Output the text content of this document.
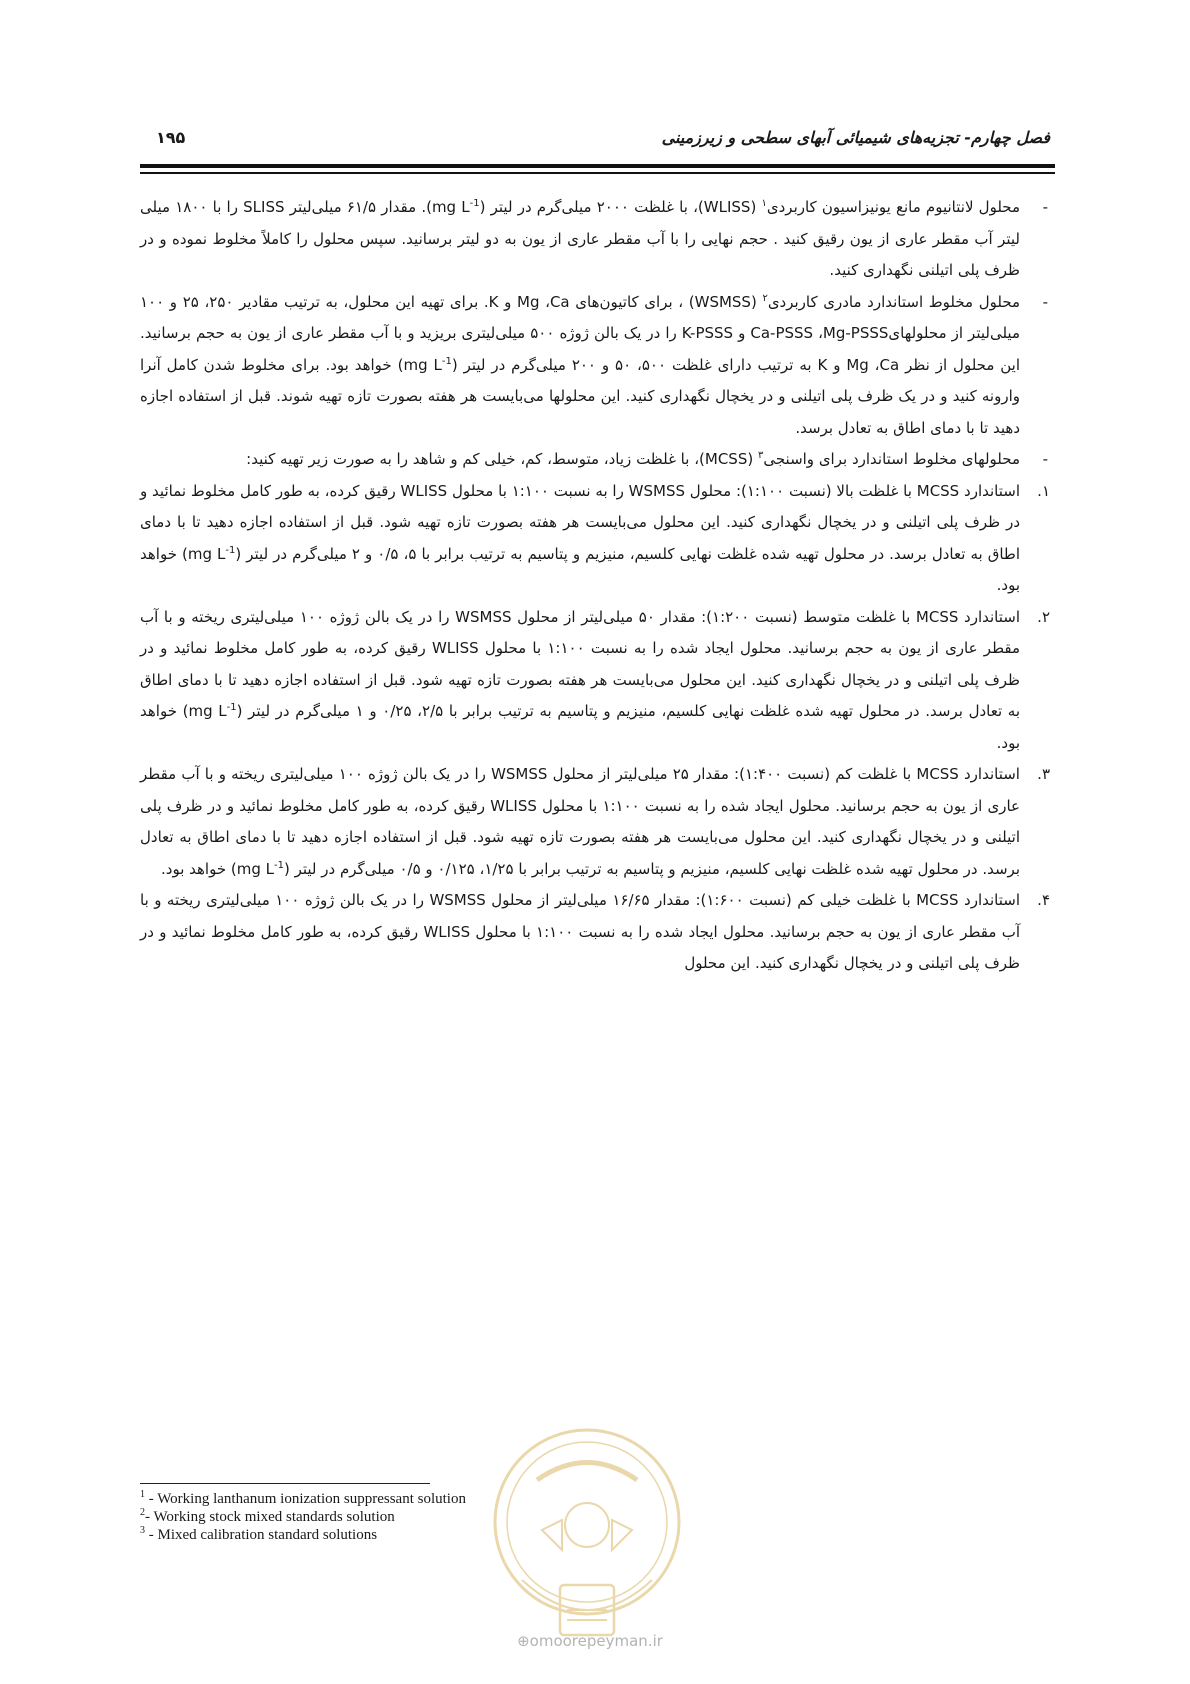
فصل چهارم- تجزیه‌های شیمیائی آبهای سطحی و زیرزمینی
۱۹۵

-
محلول لانتانیوم مانع یونیزاسیون کاربردی$^۱$ (WLISS)، با غلظت ۲۰۰۰ میلی‌گرم در لیتر (mg $L^{-1}$). مقدار ۶۱/۵ میلی‌لیتر SLISS را با ۱۸۰۰ میلی لیتر آب مقطر عاری از یون رقیق کنید . حجم نهایی را با آب مقطر عاری از یون به دو لیتر برسانید. سپس محلول را کاملاً مخلوط نموده و در ظرف پلی اتیلنی نگهداری کنید.

-
محلول مخلوط استاندارد مادری کاربردی$^۲$ (WSMSS) ، برای کاتیون‌های Mg ،Ca و K. برای تهیه این محلول، به ترتیب مقادیر ۲۵۰، ۲۵ و ۱۰۰ میلی‌لیتر از محلولهایCa-PSSS ،Mg-PSSS و K-PSSS را در یک بالن ژوژه ۵۰۰ میلی‌لیتری بریزید و با آب مقطر عاری از یون به حجم برسانید. این محلول از نظر Mg ،Ca و K به ترتیب دارای غلظت ۵۰۰، ۵۰ و ۲۰۰ میلی‌گرم در لیتر (mg $L^{-1}$) خواهد بود. برای مخلوط شدن کامل آنرا وارونه کنید و در یک ظرف پلی اتیلنی و در یخچال نگهداری کنید. این محلولها می‌بایست هر هفته بصورت تازه تهیه شوند. قبل از استفاده اجازه دهید تا با دمای اطاق به تعادل برسد.

-
محلولهای مخلوط استاندارد برای واسنجی$^۳$ (MCSS)، با غلظت زیاد، متوسط، کم، خیلی کم و شاهد را به صورت زیر تهیه کنید:

۱.
استاندارد MCSS با غلظت بالا (نسبت ۱:۱۰۰): محلول WSMSS را به نسبت ۱:۱۰۰ با محلول WLISS رقیق کرده، به طور کامل مخلوط نمائید و در ظرف پلی اتیلنی و در یخچال نگهداری کنید. این محلول می‌بایست هر هفته بصورت تازه تهیه شود. قبل از استفاده اجازه دهید تا با دمای اطاق به تعادل برسد. در محلول تهیه شده غلظت نهایی کلسیم، منیزیم و پتاسیم به ترتیب برابر با ۵، ۰/۵ و ۲ میلی‌گرم در لیتر (mg $L^{-1}$) خواهد بود.

۲.
استاندارد MCSS با غلظت متوسط (نسبت ۱:۲۰۰): مقدار ۵۰ میلی‌لیتر از محلول WSMSS را در یک بالن ژوژه ۱۰۰ میلی‌لیتری ریخته و با آب مقطر عاری از یون به حجم برسانید. محلول ایجاد شده را به نسبت ۱:۱۰۰ با محلول WLISS رقیق کرده، به طور کامل مخلوط نمائید و در ظرف پلی اتیلنی و در یخچال نگهداری کنید. این محلول می‌بایست هر هفته بصورت تازه تهیه شود. قبل از استفاده اجازه دهید تا با دمای اطاق به تعادل برسد. در محلول تهیه شده غلظت نهایی کلسیم، منیزیم و پتاسیم به ترتیب برابر با ۲/۵، ۰/۲۵ و ۱ میلی‌گرم در لیتر (mg $L^{-1}$) خواهد بود.

۳.
استاندارد MCSS با غلظت کم (نسبت ۱:۴۰۰): مقدار ۲۵ میلی‌لیتر از محلول WSMSS را در یک بالن ژوژه ۱۰۰ میلی‌لیتری ریخته و با آب مقطر عاری از یون به حجم برسانید. محلول ایجاد شده را به نسبت ۱:۱۰۰ با محلول WLISS رقیق کرده، به طور کامل مخلوط نمائید و در ظرف پلی اتیلنی و در یخچال نگهداری کنید. این محلول می‌بایست هر هفته بصورت تازه تهیه شود. قبل از استفاده اجازه دهید تا با دمای اطاق به تعادل برسد. در محلول تهیه شده غلظت نهایی کلسیم، منیزیم و پتاسیم به ترتیب برابر با ۱/۲۵، ۰/۱۲۵ و ۰/۵ میلی‌گرم در لیتر (mg $L^{-1}$) خواهد بود.

۴.
استاندارد MCSS با غلظت خیلی کم (نسبت ۱:۶۰۰): مقدار ۱۶/۶۵ میلی‌لیتر از محلول WSMSS را در یک بالن ژوژه ۱۰۰ میلی‌لیتری ریخته و با آب مقطر عاری از یون به حجم برسانید. محلول ایجاد شده را به نسبت ۱:۱۰۰ با محلول WLISS رقیق کرده، به طور کامل مخلوط نمائید و در ظرف پلی اتیلنی و در یخچال نگهداری کنید. این محلول

$^1$ - Working lanthanum ionization suppressant solution
$^2$- Working stock mixed standards solution
$^3$ - Mixed calibration standard solutions
⊕omoorepeyman.ir
